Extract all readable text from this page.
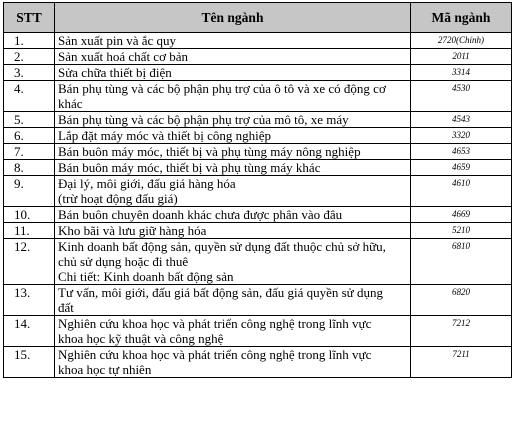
STT	Tên ngành	Mã ngành
1.	Sản xuất pin và ắc quy	2720(Chính)
2.	Sản xuất hoá chất cơ bản	2011
3.	Sửa chữa thiết bị điện	3314
4.	Bán phụ tùng và các bộ phận phụ trợ của ô tô và xe có động cơ
khác	4530
5.	Bán phụ tùng và các bộ phận phụ trợ của mô tô, xe máy	4543
6.	Lắp đặt máy móc và thiết bị công nghiệp	3320
7.	Bán buôn máy móc, thiết bị và phụ tùng máy nông nghiệp	4653
8.	Bán buôn máy móc, thiết bị và phụ tùng máy khác	4659
9.	Đại lý, môi giới, đấu giá hàng hóa
(trừ hoạt động đấu giá)	4610
10.	Bán buôn chuyên doanh khác chưa được phân vào đâu	4669
11.	Kho bãi và lưu giữ hàng hóa	5210
12.	Kinh doanh bất động sản, quyền sử dụng đất thuộc chủ sở hữu,
chủ sử dụng hoặc đi thuê
Chi tiết: Kinh doanh bất động sản	6810
13.	Tư vấn, môi giới, đấu giá bất động sản, đấu giá quyền sử dụng
đất	6820
14.	Nghiên cứu khoa học và phát triển công nghệ trong lĩnh vực
khoa học kỹ thuật và công nghệ	7212
15.	Nghiên cứu khoa học và phát triển công nghệ trong lĩnh vực
khoa học tự nhiên	7211
